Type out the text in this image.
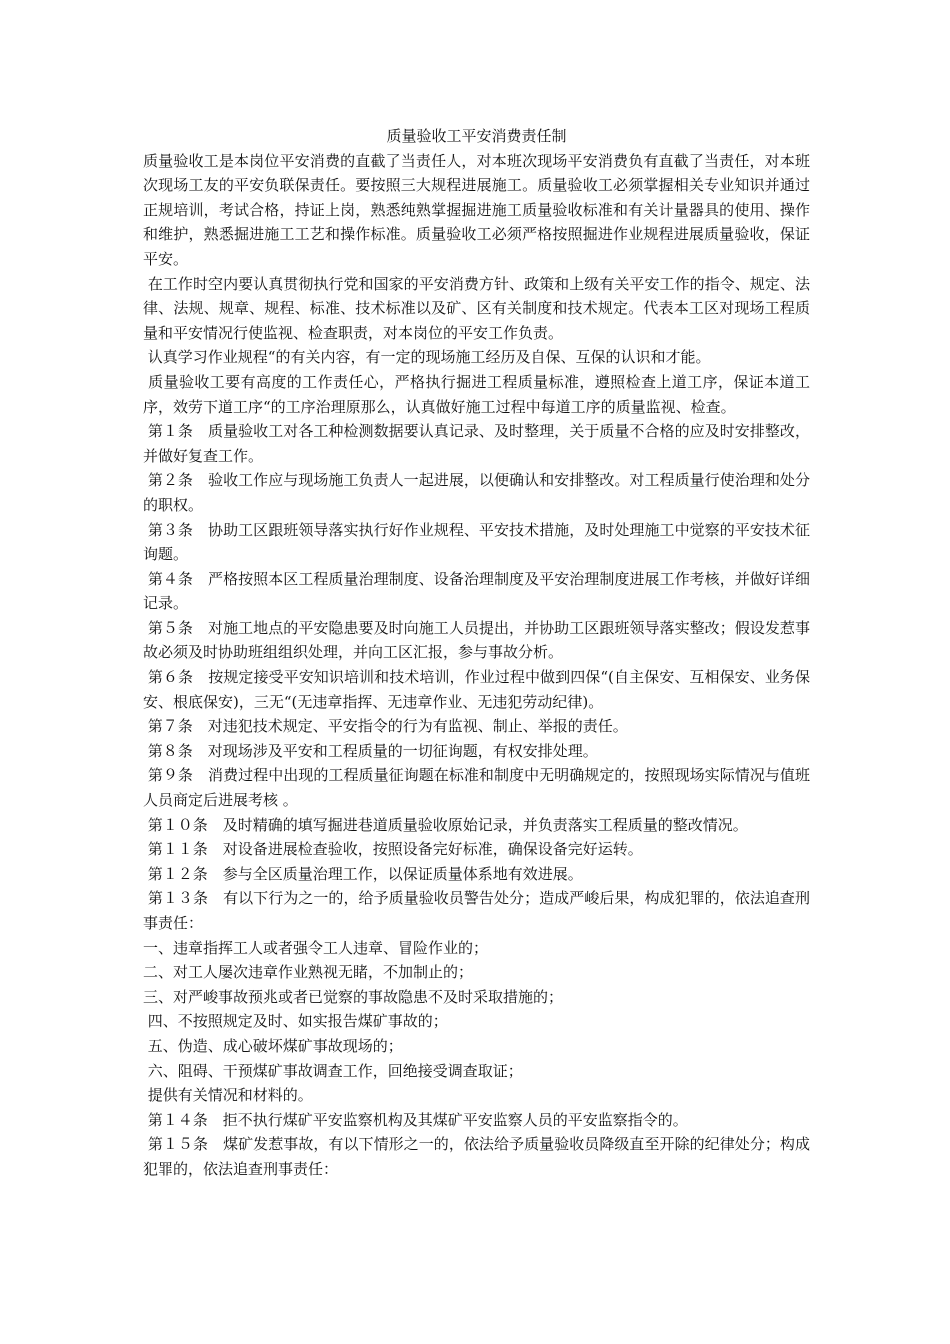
质量验收工平安消费责任制

质量验收工是本岗位平安消费的直截了当责任人，对本班次现场平安消费负有直截了当责任，对本班次现场工友的平安负联保责任。要按照三大规程进展施工。质量验收工必须掌握相关专业知识并通过正规培训，考试合格，持证上岗，熟悉纯熟掌握掘进施工质量验收标准和有关计量器具的使用、操作和维护，熟悉掘进施工工艺和操作标准。质量验收工必须严格按照掘进作业规程进展质量验收，保证平安。

在工作时空内要认真贯彻执行党和国家的平安消费方针、政策和上级有关平安工作的指令、规定、法律、法规、规章、规程、标准、技术标准以及矿、区有关制度和技术规定。代表本工区对现场工程质量和平安情况行使监视、检查职责，对本岗位的平安工作负责。

认真学习作业规程“的有关内容，有一定的现场施工经历及自保、互保的认识和才能。

质量验收工要有高度的工作责任心，严格执行掘进工程质量标准，遵照检查上道工序，保证本道工序，效劳下道工序“的工序治理原那么，认真做好施工过程中每道工序的质量监视、检查。

第１条　质量验收工对各工种检测数据要认真记录、及时整理，关于质量不合格的应及时安排整改，并做好复查工作。

第２条　验收工作应与现场施工负责人一起进展，以便确认和安排整改。对工程质量行使治理和处分的职权。

第３条　协助工区跟班领导落实执行好作业规程、平安技术措施，及时处理施工中觉察的平安技术征询题。

第４条　严格按照本区工程质量治理制度、设备治理制度及平安治理制度进展工作考核，并做好详细记录。

第５条　对施工地点的平安隐患要及时向施工人员提出，并协助工区跟班领导落实整改；假设发惹事故必须及时协助班组组织处理，并向工区汇报，参与事故分析。

第６条　按规定接受平安知识培训和技术培训，作业过程中做到四保“(自主保安、互相保安、业务保安、根底保安)，三无“(无违章指挥、无违章作业、无违犯劳动纪律)。

第７条　对违犯技术规定、平安指令的行为有监视、制止、举报的责任。

第８条　对现场涉及平安和工程质量的一切征询题，有权安排处理。

第９条　消费过程中出现的工程质量征询题在标准和制度中无明确规定的，按照现场实际情况与值班人员商定后进展考核 。

第１０条　及时精确的填写掘进巷道质量验收原始记录，并负责落实工程质量的整改情况。

第１１条　对设备进展检查验收，按照设备完好标准，确保设备完好运转。

第１２条　参与全区质量治理工作，以保证质量体系地有效进展。

第１３条　有以下行为之一的，给予质量验收员警告处分；造成严峻后果，构成犯罪的，依法追查刑事责任：

一、违章指挥工人或者强令工人违章、冒险作业的；

二、对工人屡次违章作业熟视无睹，不加制止的；

三、对严峻事故预兆或者已觉察的事故隐患不及时采取措施的；

四、不按照规定及时、如实报告煤矿事故的；

五、伪造、成心破坏煤矿事故现场的；

六、阻碍、干预煤矿事故调查工作，回绝接受调查取证；

提供有关情况和材料的。

第１４条　拒不执行煤矿平安监察机构及其煤矿平安监察人员的平安监察指令的。

第１５条　煤矿发惹事故，有以下情形之一的，依法给予质量验收员降级直至开除的纪律处分；构成犯罪的，依法追查刑事责任：
